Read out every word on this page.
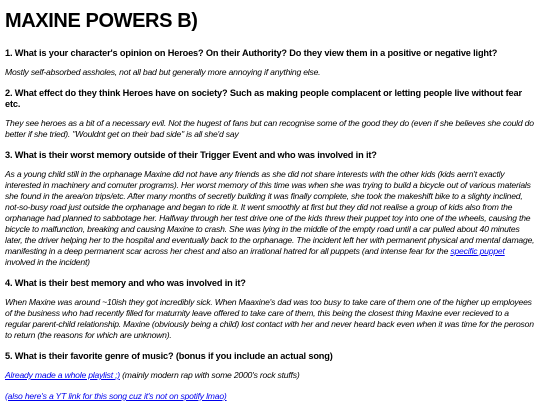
MAXINE POWERS B)
1. What is your character's opinion on Heroes? On their Authority? Do they view them in a positive or negative light?
Mostly self-absorbed assholes, not all bad but generally more annoying if anything else.
2. What effect do they think Heroes have on society? Such as making people complacent or letting people live without fear etc.
They see heroes as a bit of a necessary evil. Not the hugest of fans but can recognise some of the good they do (even if she believes she could do better if she tried). "Wouldnt get on their bad side" is all she'd say
3. What is their worst memory outside of their Trigger Event and who was involved in it?
As a young child still in the orphanage Maxine did not have any friends as she did not share interests with the other kids (kids aern't exactly interested in machinery and comuter programs). Her worst memory of this time was when she was trying to build a bicycle out of various materials she found in the area/on trips/etc. After many months of secretly building it was finally complete, she took the makeshift bike to a slighty inclined, not-so-busy road just outside the orphanage and began to ride it. It went smoothly at first but they did not realise a group of kids also from the orphanage had planned to sabbotage her. Halfway through her test drive one of the kids threw their puppet toy into one of the wheels, causing the bicycle to malfunction, breaking and causing Maxine to crash. She was lying in the middle of the empty road until a car pulled about 40 minutes later, the driver helping her to the hospital and eventually back to the orphanage. The incident left her with permanent physical and mental damage, manifesting in a deep permanent scar across her chest and also an irrational hatred for all puppets (and intense fear for the specific puppet involved in the incident)
4. What is their best memory and who was involved in it?
When Maxine was around ~10ish they got incredibly sick. When Maaxine's dad was too busy to take care of them one of the higher up employees of the business who had recently filled for maturnity leave offered to take care of them, this being the closest thing Maxine ever recieved to a regular parent-child relationship. Maxine (obviously being a child) lost contact with her and never heard back even when it was time for the peroson to return (the reasons for which are unknown).
5. What is their favorite genre of music? (bonus if you include an actual song)
Already made a whole playlist ;) (mainly modern rap with some 2000's rock stuffs)
(also here's a YT link for this song cuz it's not on spotify lmao)
